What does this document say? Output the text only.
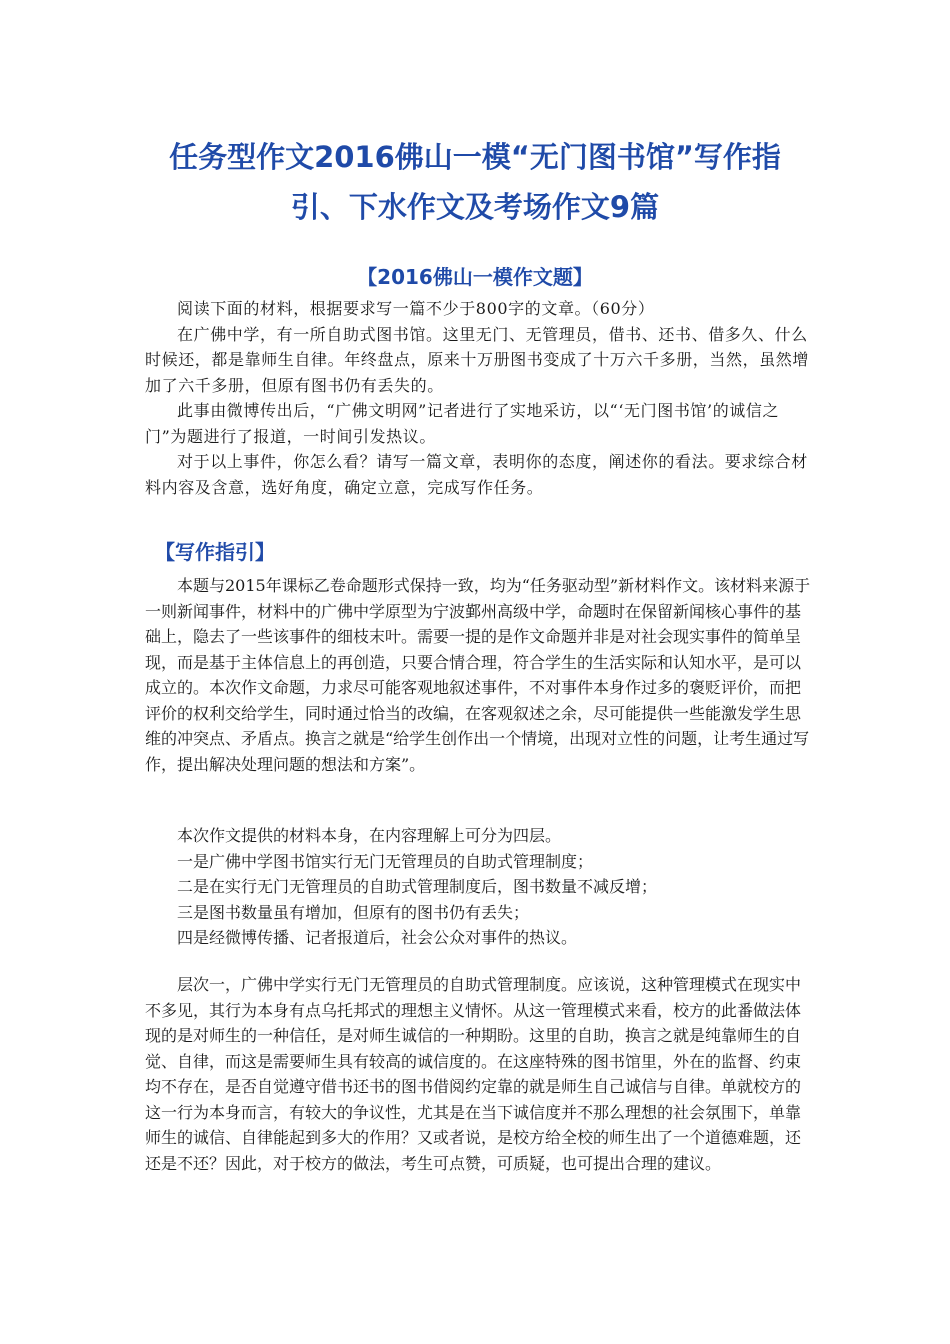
任务型作文2016佛山一模“无门图书馆”写作指
引、下水作文及考场作文9篇
【2016佛山一模作文题】

阅读下面的材料，根据要求写一篇不少于800字的文章。（60分）

在广佛中学，有一所自助式图书馆。这里无门、无管理员，借书、还书、借多久、什么时候还，都是靠师生自律。年终盘点，原来十万册图书变成了十万六千多册，当然，虽然增加了六千多册，但原有图书仍有丢失的。

此事由微博传出后，“广佛文明网”记者进行了实地采访，以“‘无门图书馆’的诚信之门”为题进行了报道，一时间引发热议。

对于以上事件，你怎么看？请写一篇文章，表明你的态度，阐述你的看法。要求综合材料内容及含意，选好角度，确定立意，完成写作任务。

【写作指引】

本题与2015年课标乙卷命题形式保持一致，均为“任务驱动型”新材料作文。该材料来源于一则新闻事件，材料中的广佛中学原型为宁波鄞州高级中学，命题时在保留新闻核心事件的基础上，隐去了一些该事件的细枝末叶。需要一提的是作文命题并非是对社会现实事件的简单呈现，而是基于主体信息上的再创造，只要合情合理，符合学生的生活实际和认知水平，是可以成立的。本次作文命题，力求尽可能客观地叙述事件，不对事件本身作过多的褒贬评价，而把评价的权利交给学生，同时通过恰当的改编，在客观叙述之余，尽可能提供一些能激发学生思维的冲突点、矛盾点。换言之就是“给学生创作出一个情境，出现对立性的问题，让考生通过写作，提出解决处理问题的想法和方案”。

本次作文提供的材料本身，在内容理解上可分为四层。

一是广佛中学图书馆实行无门无管理员的自助式管理制度；

二是在实行无门无管理员的自助式管理制度后，图书数量不减反增；

三是图书数量虽有增加，但原有的图书仍有丢失；

四是经微博传播、记者报道后，社会公众对事件的热议。

层次一，广佛中学实行无门无管理员的自助式管理制度。应该说，这种管理模式在现实中不多见，其行为本身有点乌托邦式的理想主义情怀。从这一管理模式来看，校方的此番做法体现的是对师生的一种信任，是对师生诚信的一种期盼。这里的自助，换言之就是纯靠师生的自觉、自律，而这是需要师生具有较高的诚信度的。在这座特殊的图书馆里，外在的监督、约束均不存在，是否自觉遵守借书还书的图书借阅约定靠的就是师生自己诚信与自律。单就校方的这一行为本身而言，有较大的争议性，尤其是在当下诚信度并不那么理想的社会氛围下，单靠师生的诚信、自律能起到多大的作用？又或者说，是校方给全校的师生出了一个道德难题，还还是不还？因此，对于校方的做法，考生可点赞，可质疑，也可提出合理的建议。
